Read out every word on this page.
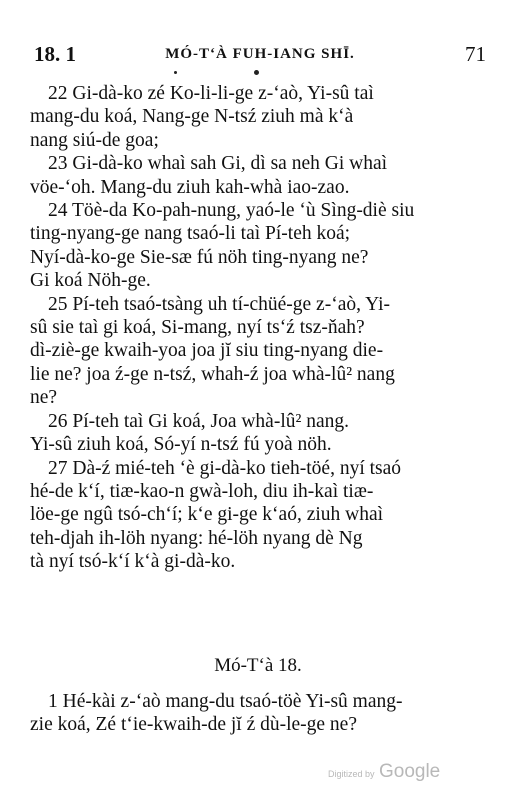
18. 1	MÓ-T‘À FUH-IANG SHĪ.	71
22 Gi-dà-ko zé Ko-li-li-ge z-‘aò, Yi-sû taì
mang-du koá, Nang-ge N-tsź ziuh mà k‘à
nang siú-de goa;
23 Gi-dà-ko whaì sah Gi, dì sa neh Gi whaì
vöe-‘oh. Mang-du ziuh kah-whà iao-zao.
24 Töè-da Ko-pah-nung, yaó-le ‘ù Sìng-diè siu
ting-nyang-ge nang tsaó-li taì Pí-teh koá;
Nyí-dà-ko-ge Sie-sæ fú nöh ting-nyang ne?
Gi koá Nöh-ge.
25 Pí-teh tsaó-tsàng uh tí-chüé-ge z-‘aò, Yi-
sû sie taì gi koá, Si-mang, nyí ts‘ź tsz-ňah?
dì-ziè-ge kwaih-yoa joa jĭ siu ting-nyang die-
lie ne? joa ź-ge n-tsź, whah-ź joa whà-lû² nang
ne?
26 Pí-teh taì Gi koá, Joa whà-lû² nang.
Yi-sû ziuh koá, Só-yí n-tsź fú yoà nöh.
27 Dà-ź mié-teh ‘è gi-dà-ko tieh-töé, nyí tsaó
hé-de k‘í, tiæ-kao-n gwà-loh, diu ih-kaì tiæ-
löe-ge ngû tsó-ch‘í; k‘e gi-ge k‘aó, ziuh whaì
teh-djah ih-löh nyang: hé-löh nyang dè Ng
tà nyí tsó-k‘í k‘à gi-dà-ko.
Mó-T‘à 18.
1 Hé-kài z-‘aò mang-du tsaó-töè Yi-sû mang-
zie koá, Zé t‘ie-kwaih-de jĭ ź dù-le-ge ne?
Digitized by Google
